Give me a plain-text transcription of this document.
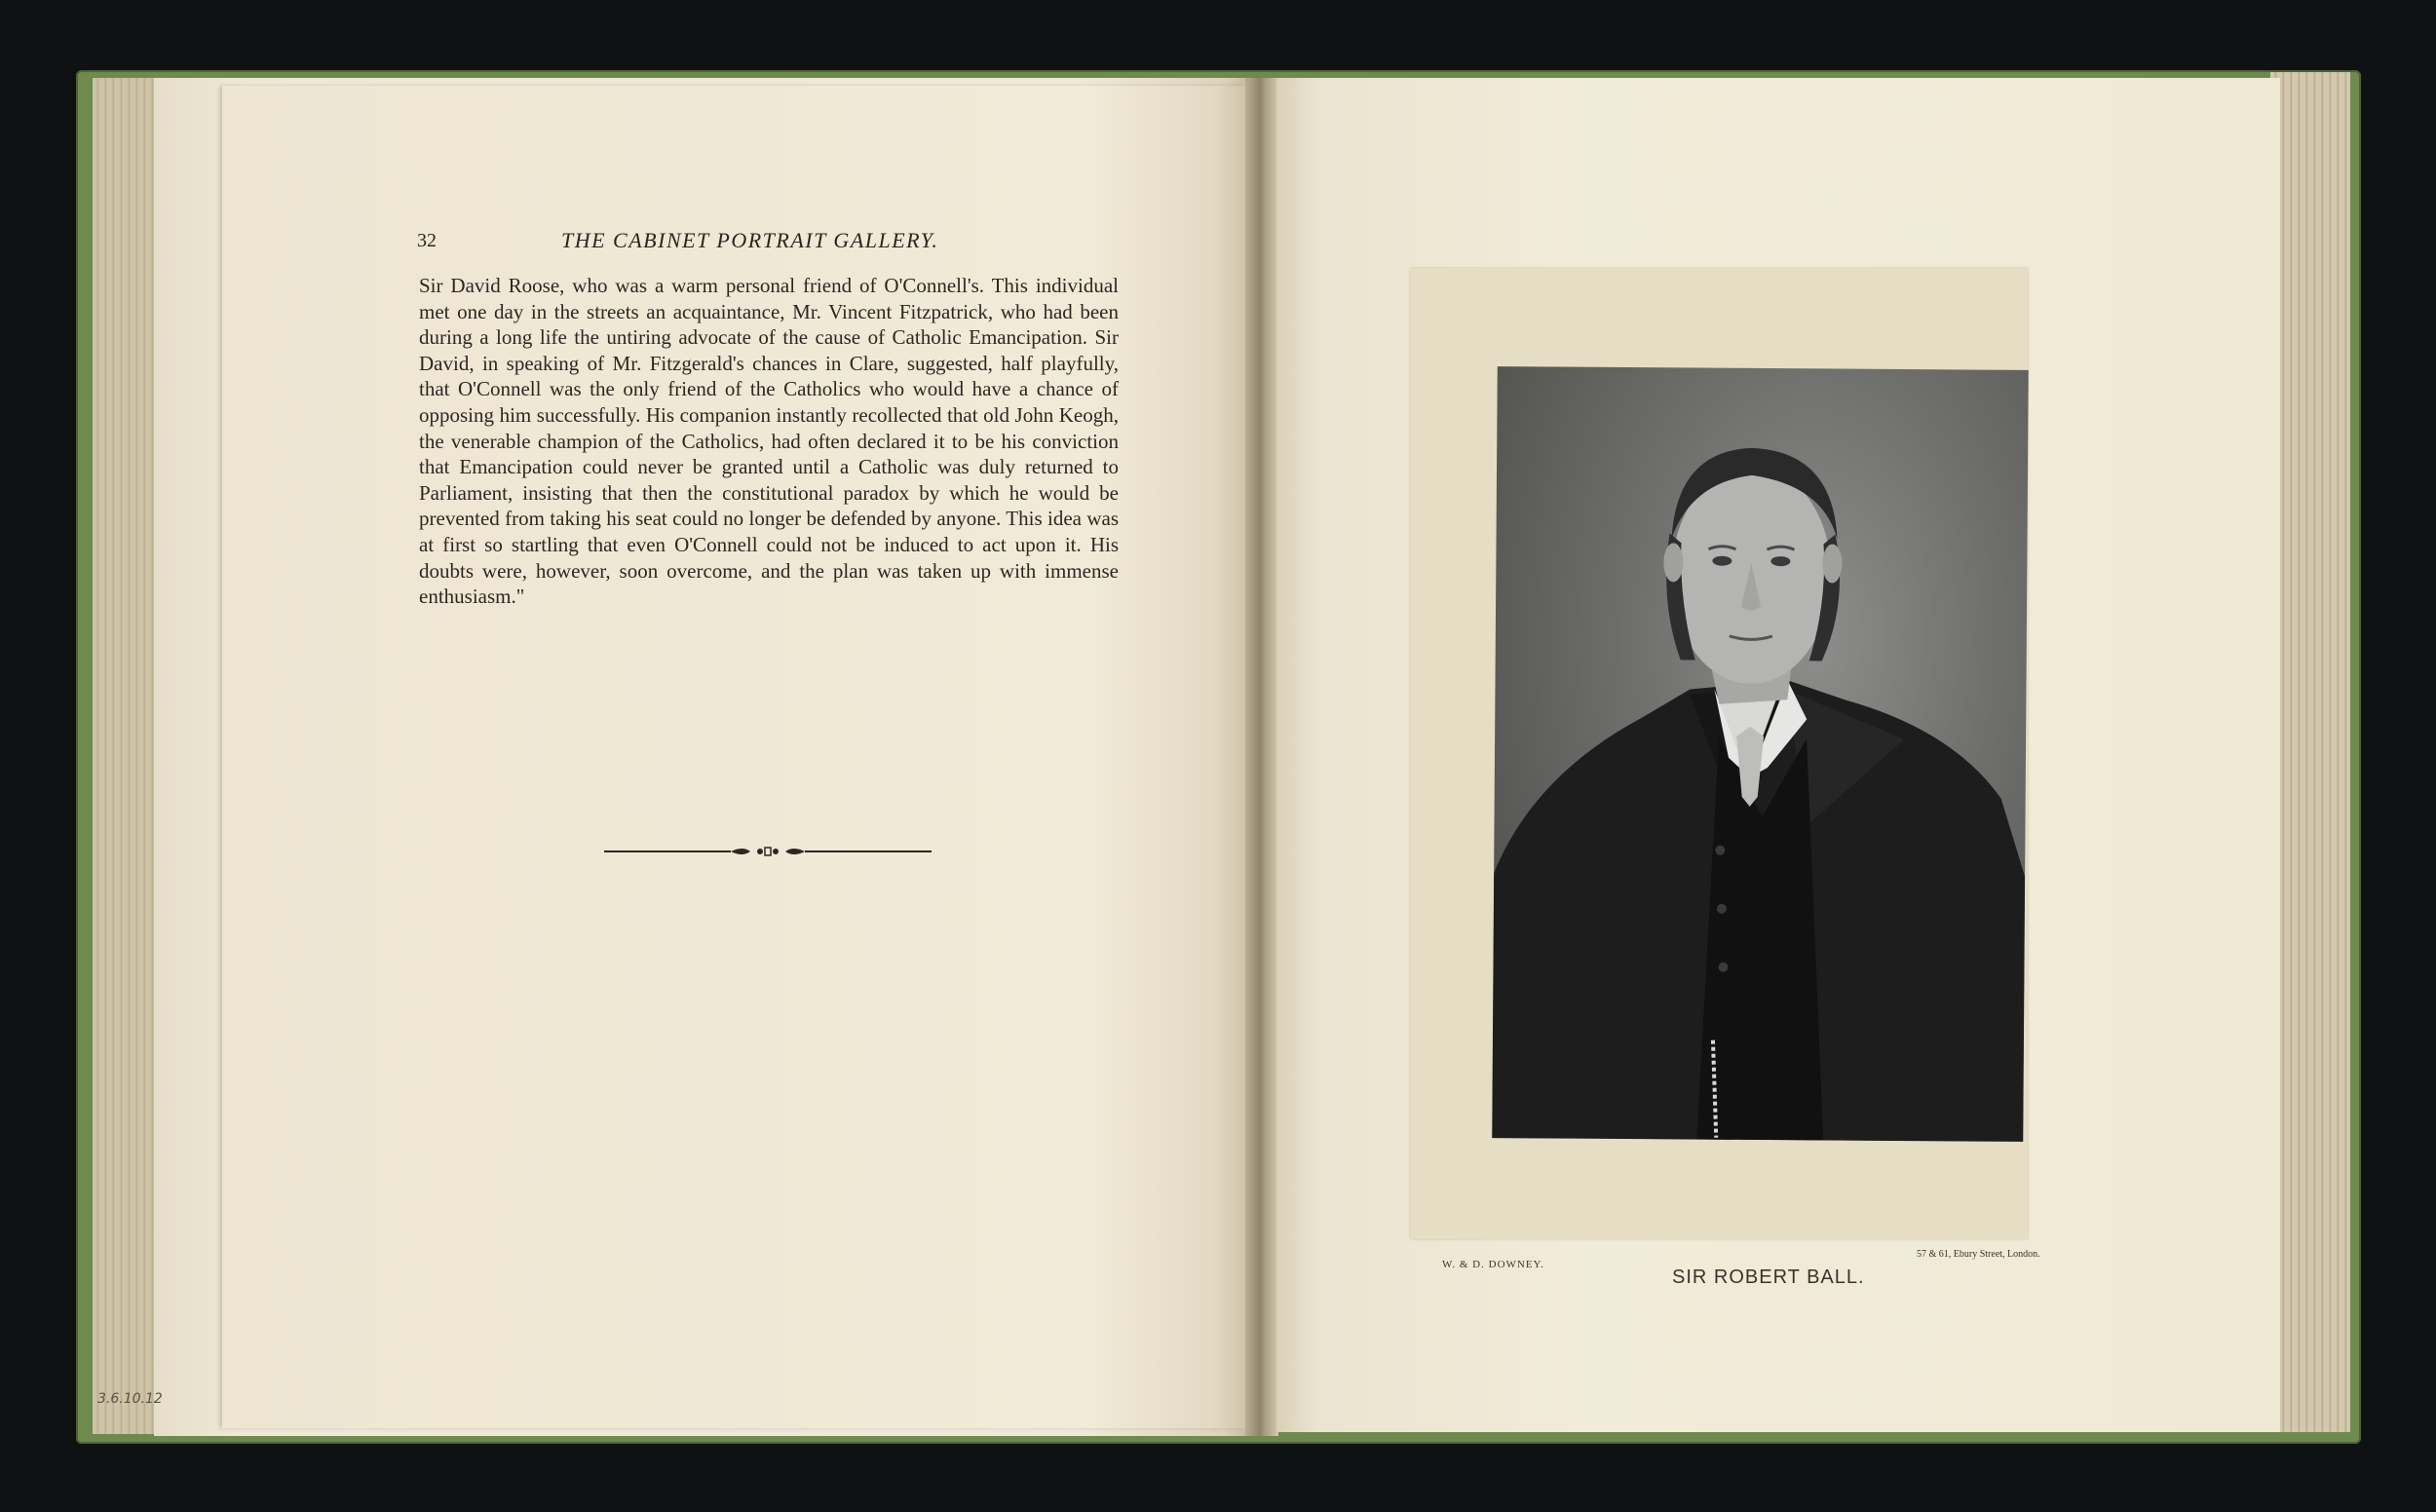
32	THE CABINET PORTRAIT GALLERY.

Sir David Roose, who was a warm personal friend of O'Connell's. This individual met one day in the streets an acquaintance, Mr. Vincent Fitzpatrick, who had been during a long life the untiring advocate of the cause of Catholic Emancipation. Sir David, in speaking of Mr. Fitzgerald's chances in Clare, suggested, half playfully, that O'Connell was the only friend of the Catholics who would have a chance of opposing him successfully. His companion instantly recollected that old John Keogh, the venerable champion of the Catholics, had often declared it to be his conviction that Emancipation could never be granted until a Catholic was duly returned to Parliament, insisting that then the constitutional paradox by which he would be prevented from taking his seat could no longer be defended by anyone. This idea was at first so startling that even O'Connell could not be induced to act upon it. His doubts were, however, soon overcome, and the plan was taken up with immense enthusiasm."

W. & D. DOWNEY.
SIR ROBERT BALL.
57 & 61, Ebury Street, London.
3.6.10.12
